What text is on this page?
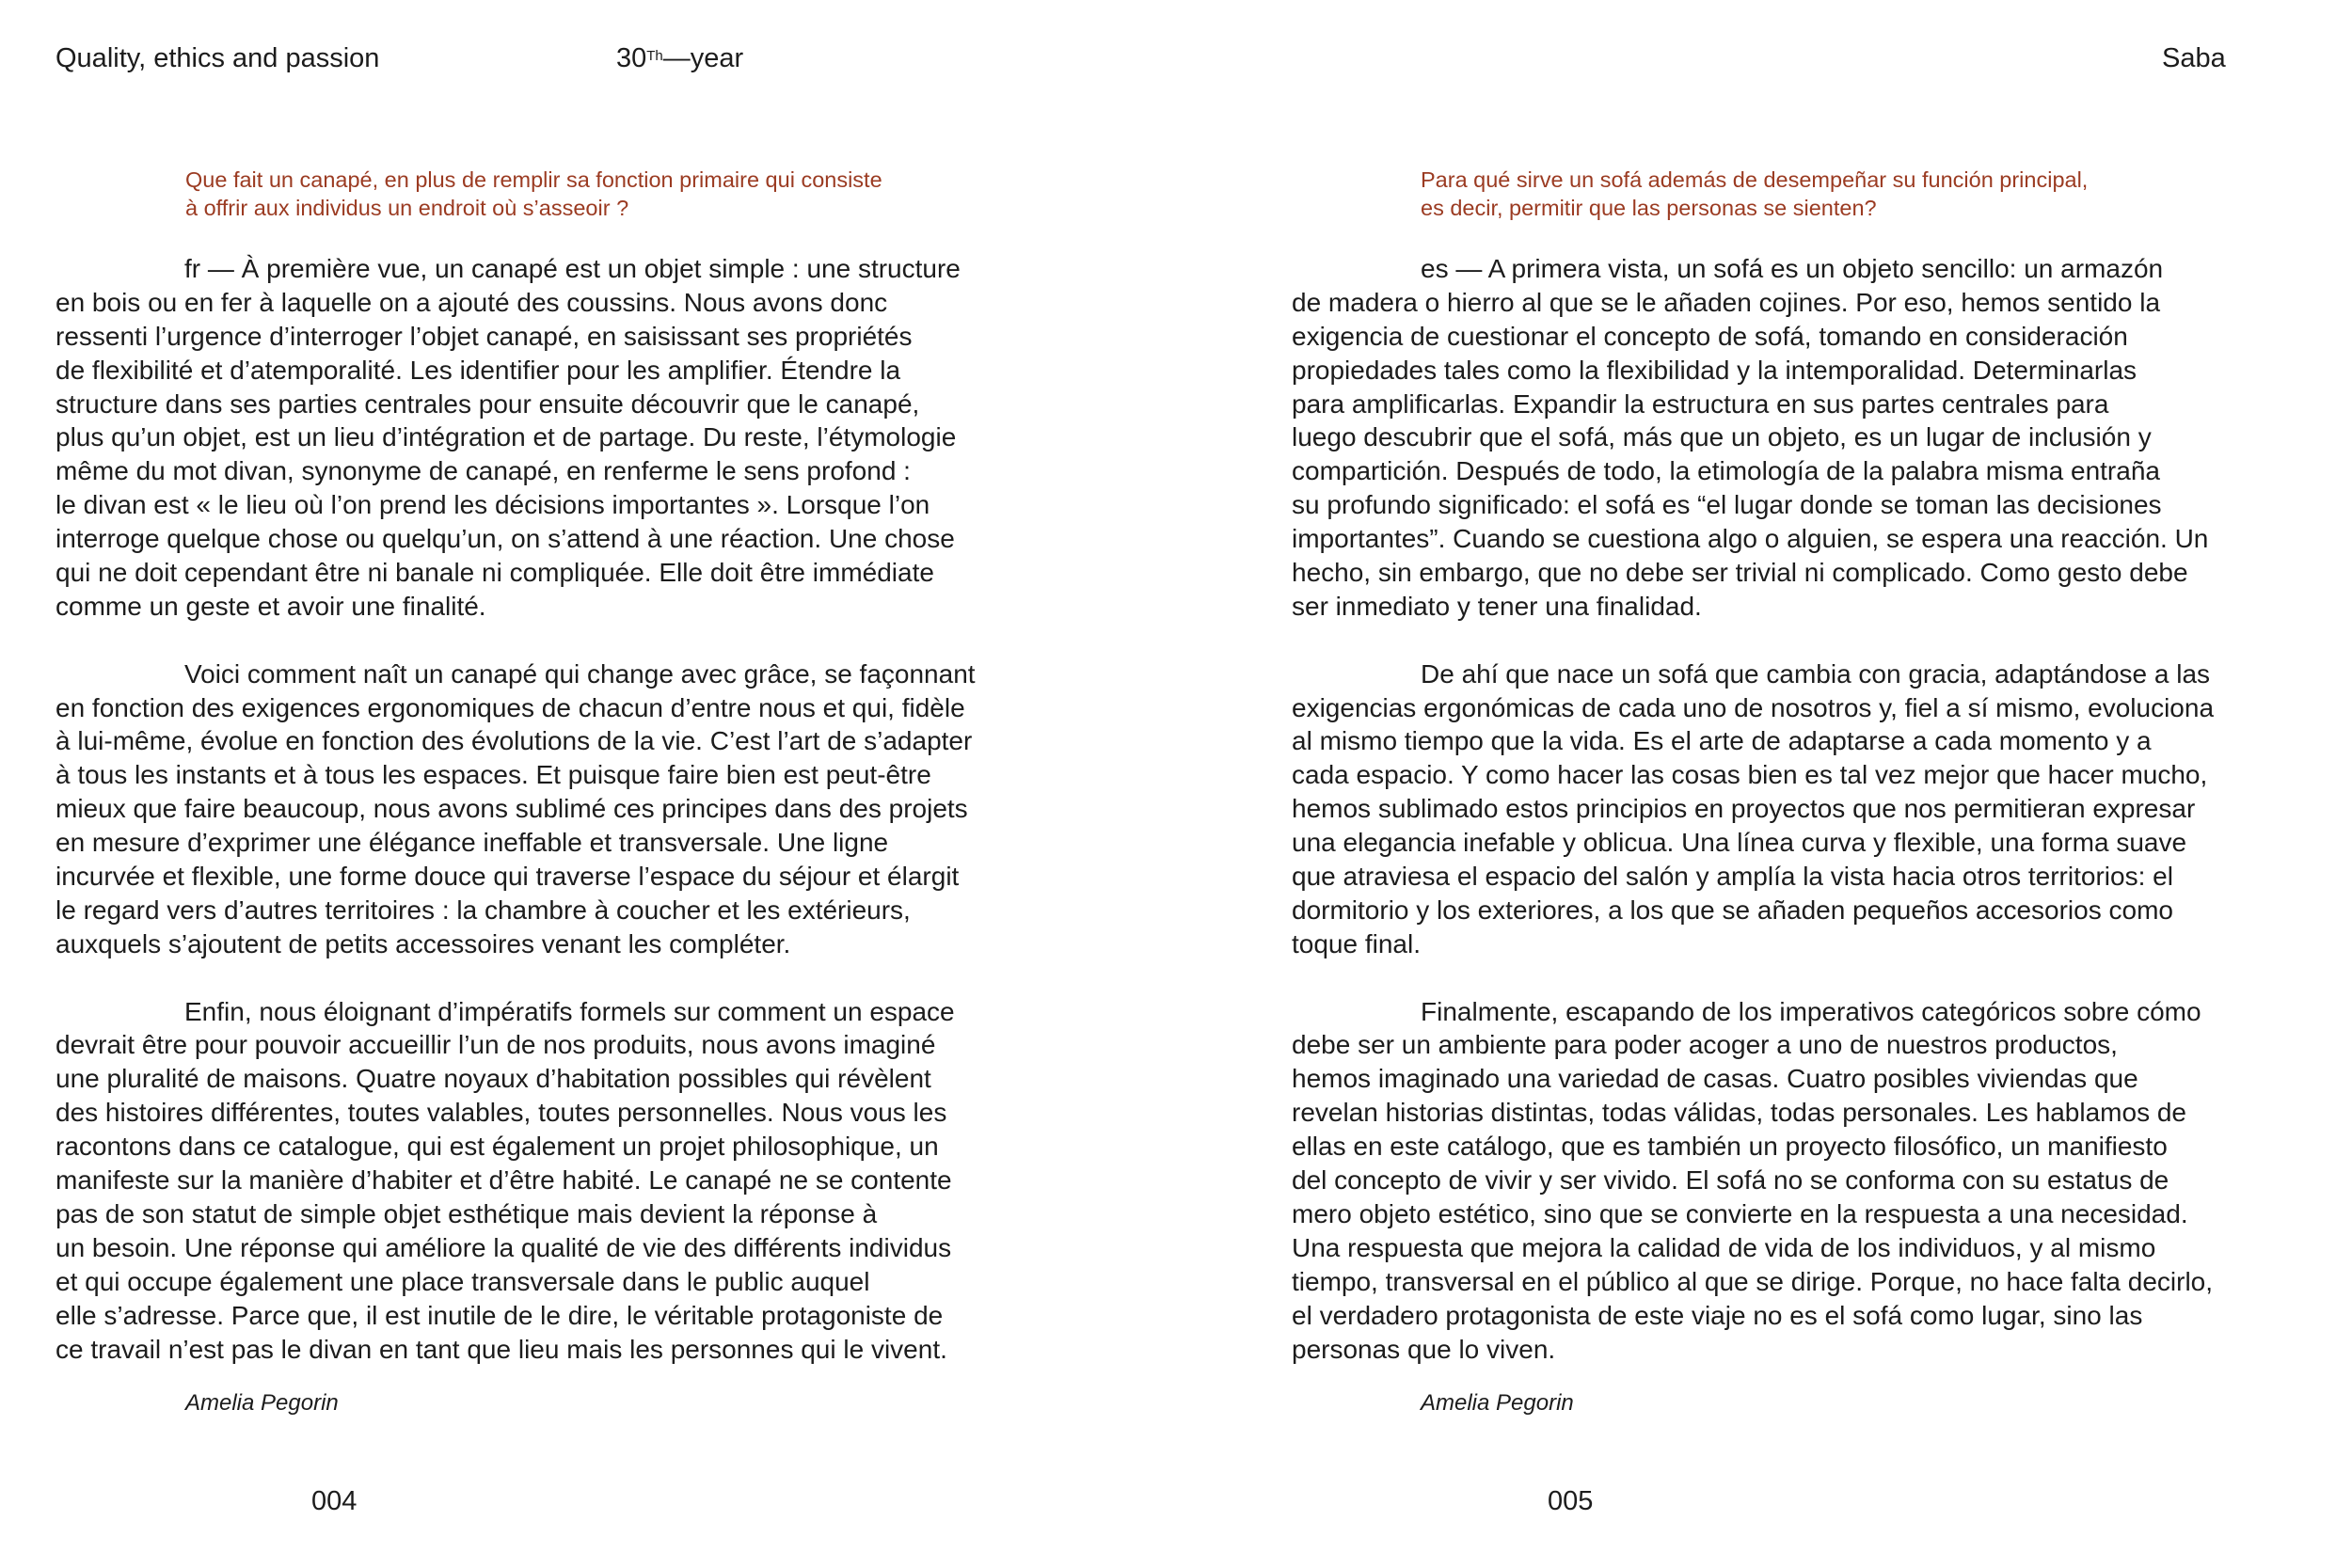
Quality, ethics and passion	30Th—year	Saba
Que fait un canapé, en plus de remplir sa fonction primaire qui consiste
à offrir aux individus un endroit où s’asseoir ?
fr — À première vue, un canapé est un objet simple : une structure
en bois ou en fer à laquelle on a ajouté des coussins. Nous avons donc
ressenti l’urgence d’interroger l’objet canapé, en saisissant ses propriétés
de flexibilité et d’atemporalité. Les identifier pour les amplifier. Étendre la
structure dans ses parties centrales pour ensuite découvrir que le canapé,
plus qu’un objet, est un lieu d’intégration et de partage. Du reste, l’étymologie
même du mot divan, synonyme de canapé, en renferme le sens profond :
le divan est « le lieu où l’on prend les décisions importantes ». Lorsque l’on
interroge quelque chose ou quelqu’un, on s’attend à une réaction. Une chose
qui ne doit cependant être ni banale ni compliquée. Elle doit être immédiate
comme un geste et avoir une finalité.
Voici comment naît un canapé qui change avec grâce, se façonnant
en fonction des exigences ergonomiques de chacun d’entre nous et qui, fidèle
à lui-même, évolue en fonction des évolutions de la vie. C’est l’art de s’adapter
à tous les instants et à tous les espaces. Et puisque faire bien est peut-être
mieux que faire beaucoup, nous avons sublimé ces principes dans des projets
en mesure d’exprimer une élégance ineffable et transversale. Une ligne
incurvée et flexible, une forme douce qui traverse l’espace du séjour et élargit
le regard vers d’autres territoires : la chambre à coucher et les extérieurs,
auxquels s’ajoutent de petits accessoires venant les compléter.
Enfin, nous éloignant d’impératifs formels sur comment un espace
devrait être pour pouvoir accueillir l’un de nos produits, nous avons imaginé
une pluralité de maisons. Quatre noyaux d’habitation possibles qui révèlent
des histoires différentes, toutes valables, toutes personnelles. Nous vous les
racontons dans ce catalogue, qui est également un projet philosophique, un
manifeste sur la manière d’habiter et d’être habité. Le canapé ne se contente
pas de son statut de simple objet esthétique mais devient la réponse à
un besoin. Une réponse qui améliore la qualité de vie des différents individus
et qui occupe également une place transversale dans le public auquel
elle s’adresse. Parce que, il est inutile de le dire, le véritable protagoniste de
ce travail n’est pas le divan en tant que lieu mais les personnes qui le vivent.
Amelia Pegorin
004
Para qué sirve un sofá además de desempeñar su función principal,
es decir, permitir que las personas se sienten?
es — A primera vista, un sofá es un objeto sencillo: un armazón
de madera o hierro al que se le añaden cojines. Por eso, hemos sentido la
exigencia de cuestionar el concepto de sofá, tomando en consideración
propiedades tales como la flexibilidad y la intemporalidad. Determinarlas
para amplificarlas. Expandir la estructura en sus partes centrales para
luego descubrir que el sofá, más que un objeto, es un lugar de inclusión y
compartición. Después de todo, la etimología de la palabra misma entraña
su profundo significado: el sofá es “el lugar donde se toman las decisiones
importantes”. Cuando se cuestiona algo o alguien, se espera una reacción. Un
hecho, sin embargo, que no debe ser trivial ni complicado. Como gesto debe
ser inmediato y tener una finalidad.
De ahí que nace un sofá que cambia con gracia, adaptándose a las
exigencias ergonómicas de cada uno de nosotros y, fiel a sí mismo, evoluciona
al mismo tiempo que la vida. Es el arte de adaptarse a cada momento y a
cada espacio. Y como hacer las cosas bien es tal vez mejor que hacer mucho,
hemos sublimado estos principios en proyectos que nos permitieran expresar
una elegancia inefable y oblicua. Una línea curva y flexible, una forma suave
que atraviesa el espacio del salón y amplía la vista hacia otros territorios: el
dormitorio y los exteriores, a los que se añaden pequeños accesorios como
toque final.
Finalmente, escapando de los imperativos categóricos sobre cómo
debe ser un ambiente para poder acoger a uno de nuestros productos,
hemos imaginado una variedad de casas. Cuatro posibles viviendas que
revelan historias distintas, todas válidas, todas personales. Les hablamos de
ellas en este catálogo, que es también un proyecto filosófico, un manifiesto
del concepto de vivir y ser vivido. El sofá no se conforma con su estatus de
mero objeto estético, sino que se convierte en la respuesta a una necesidad.
Una respuesta que mejora la calidad de vida de los individuos, y al mismo
tiempo, transversal en el público al que se dirige. Porque, no hace falta decirlo,
el verdadero protagonista de este viaje no es el sofá como lugar, sino las
personas que lo viven.
Amelia Pegorin
005
